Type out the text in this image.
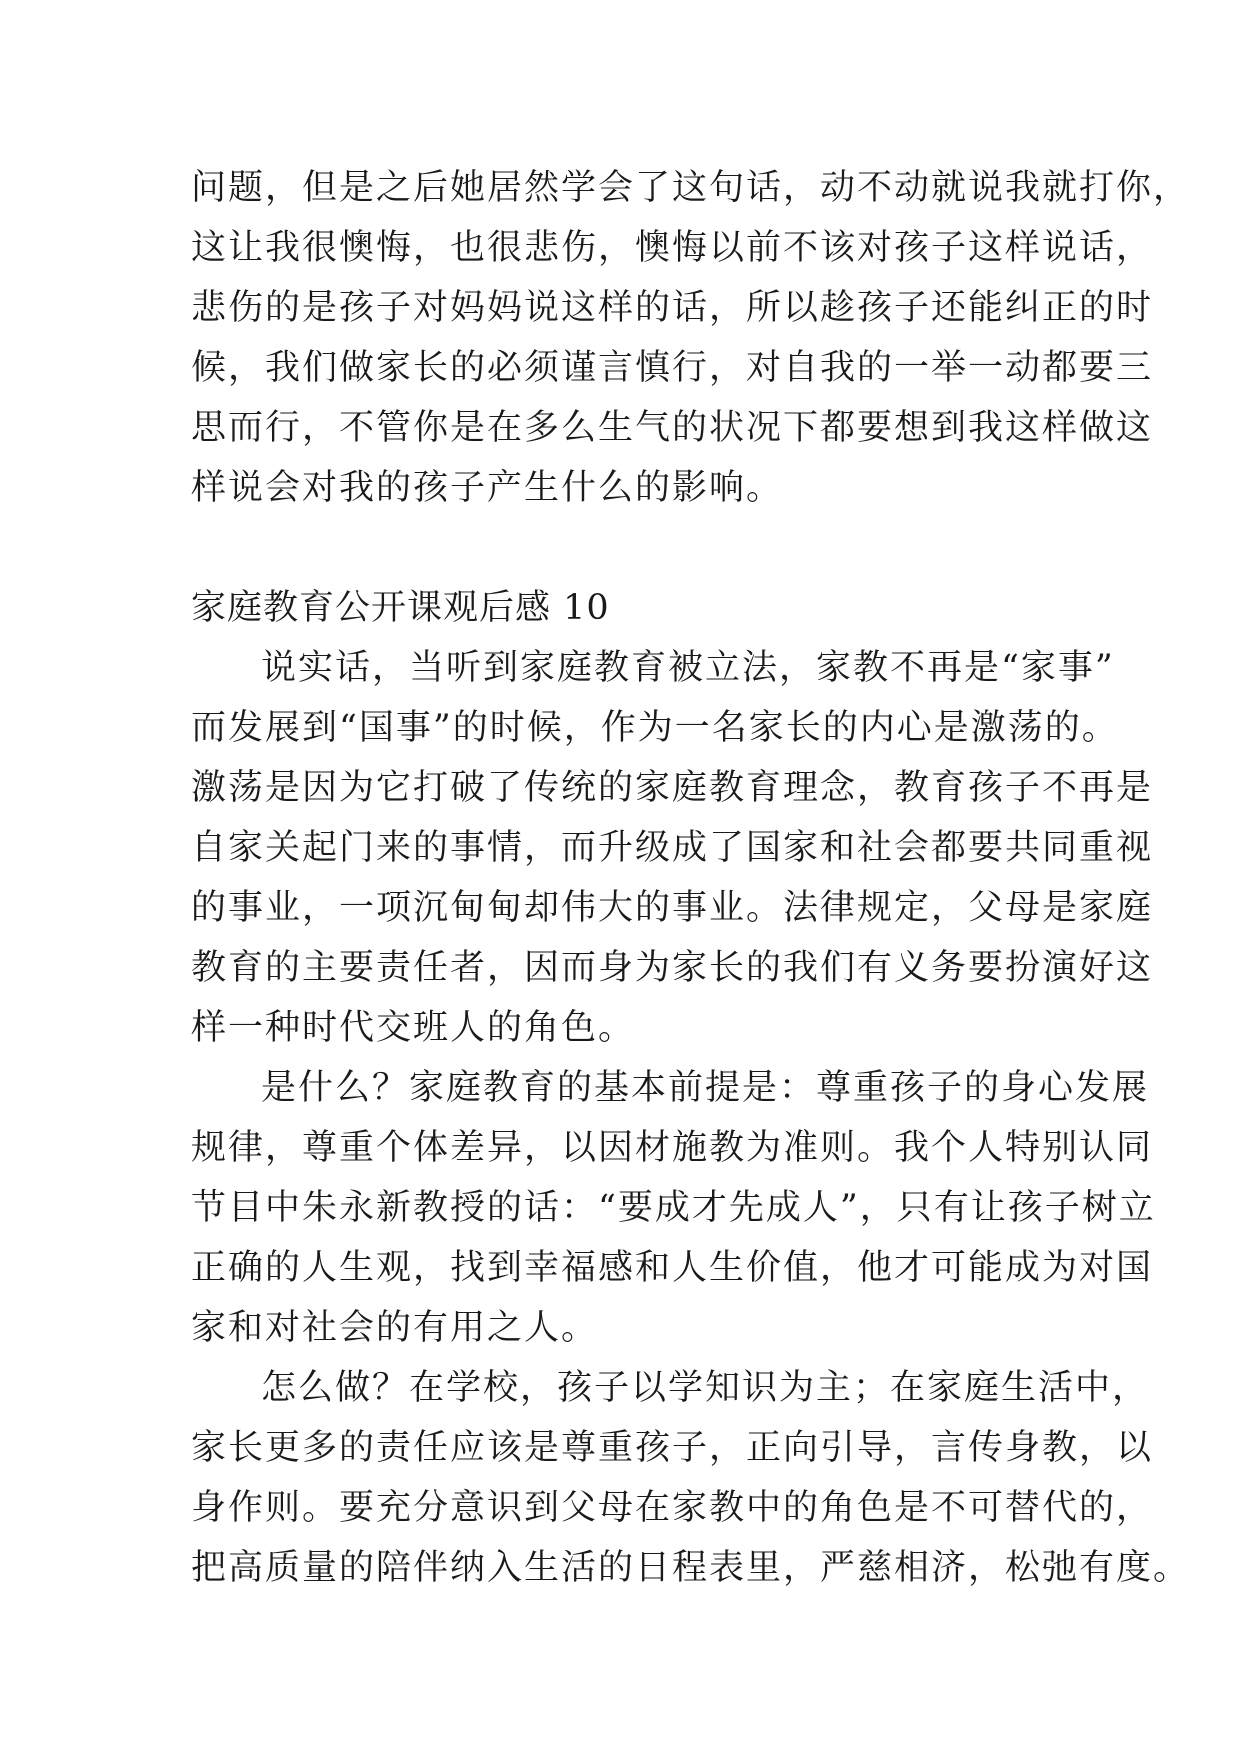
问题，但是之后她居然学会了这句话，动不动就说我就打你，
这让我很懊悔，也很悲伤，懊悔以前不该对孩子这样说话，
悲伤的是孩子对妈妈说这样的话，所以趁孩子还能纠正的时
候，我们做家长的必须谨言慎行，对自我的一举一动都要三
思而行，不管你是在多么生气的状况下都要想到我这样做这
样说会对我的孩子产生什么的影响。
家庭教育公开课观后感 10
说实话，当听到家庭教育被立法，家教不再是“家事”
而发展到“国事”的时候，作为一名家长的内心是激荡的。
激荡是因为它打破了传统的家庭教育理念，教育孩子不再是
自家关起门来的事情，而升级成了国家和社会都要共同重视
的事业，一项沉甸甸却伟大的事业。法律规定，父母是家庭
教育的主要责任者，因而身为家长的我们有义务要扮演好这
样一种时代交班人的角色。
是什么？家庭教育的基本前提是：尊重孩子的身心发展
规律，尊重个体差异，以因材施教为准则。我个人特别认同
节目中朱永新教授的话：“要成才先成人”，只有让孩子树立
正确的人生观，找到幸福感和人生价值，他才可能成为对国
家和对社会的有用之人。
怎么做？在学校，孩子以学知识为主；在家庭生活中，
家长更多的责任应该是尊重孩子，正向引导，言传身教，以
身作则。要充分意识到父母在家教中的角色是不可替代的，
把高质量的陪伴纳入生活的日程表里，严慈相济，松弛有度。
